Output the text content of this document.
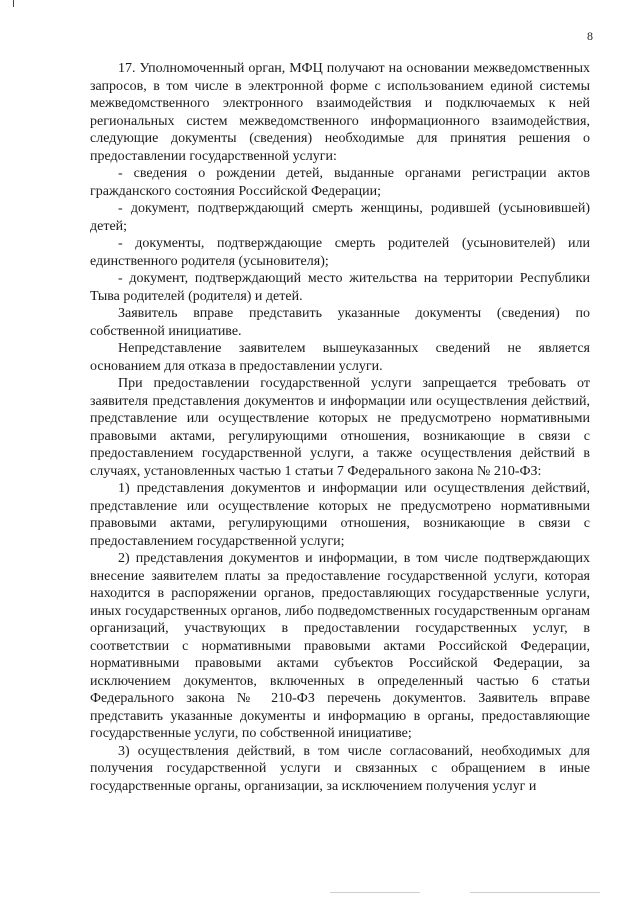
8

17. Уполномоченный орган, МФЦ получают на основании межведомственных запросов, в том числе в электронной форме с использованием единой системы межведомственного электронного взаимодействия и подключаемых к ней региональных систем межведомственного информационного взаимодействия, следующие документы (сведения) необходимые для принятия решения о предоставлении государственной услуги:

- сведения о рождении детей, выданные органами регистрации актов гражданского состояния Российской Федерации;

- документ, подтверждающий смерть женщины, родившей (усыновившей) детей;

- документы, подтверждающие смерть родителей (усыновителей) или единственного родителя (усыновителя);

- документ, подтверждающий место жительства на территории Республики Тыва родителей (родителя) и детей.

Заявитель вправе представить указанные документы (сведения) по собственной инициативе.

Непредставление заявителем вышеуказанных сведений не является основанием для отказа в предоставлении услуги.

При предоставлении государственной услуги запрещается требовать от заявителя представления документов и информации или осуществления действий, представление или осуществление которых не предусмотрено нормативными правовыми актами, регулирующими отношения, возникающие в связи с предоставлением государственной услуги, а также осуществления действий в случаях, установленных частью 1 статьи 7 Федерального закона № 210-ФЗ:

1) представления документов и информации или осуществления действий, представление или осуществление которых не предусмотрено нормативными правовыми актами, регулирующими отношения, возникающие в связи с предоставлением государственной услуги;

2) представления документов и информации, в том числе подтверждающих внесение заявителем платы за предоставление государственной услуги, которая находится в распоряжении органов, предоставляющих государственные услуги, иных государственных органов, либо подведомственных государственным органам организаций, участвующих в предоставлении государственных услуг, в соответствии с нормативными правовыми актами Российской Федерации, нормативными правовыми актами субъектов Российской Федерации, за исключением документов, включенных в определенный частью 6 статьи Федерального закона № 210-ФЗ перечень документов. Заявитель вправе представить указанные документы и информацию в органы, предоставляющие государственные услуги, по собственной инициативе;

3) осуществления действий, в том числе согласований, необходимых для получения государственной услуги и связанных с обращением в иные государственные органы, организации, за исключением получения услуг и
